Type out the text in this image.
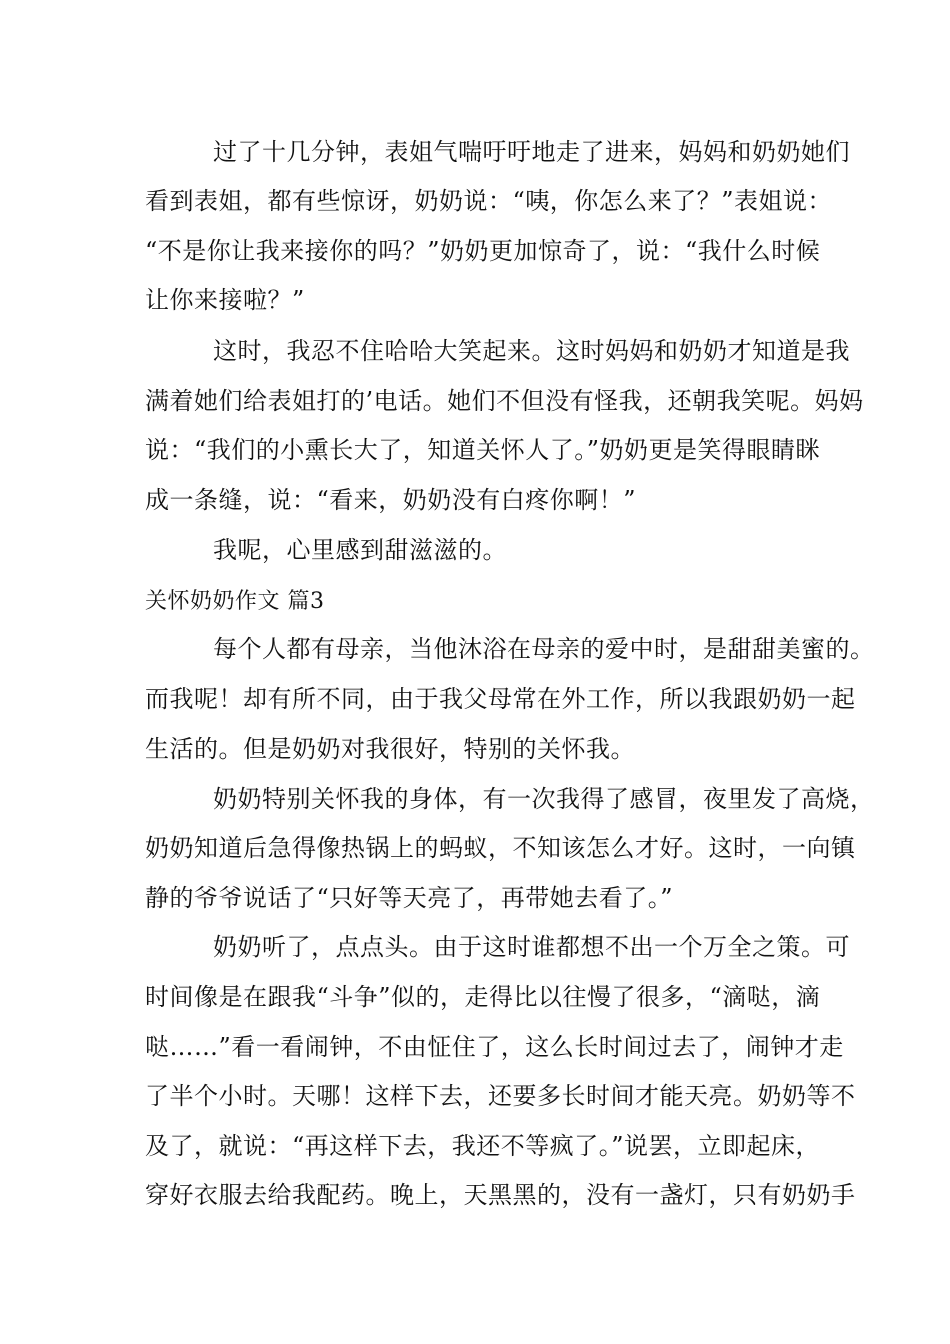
过了十几分钟，表姐气喘吁吁地走了进来，妈妈和奶奶她们
看到表姐，都有些惊讶，奶奶说：“咦，你怎么来了？”表姐说：
“不是你让我来接你的吗？”奶奶更加惊奇了，说：“我什么时候
让你来接啦？”
这时，我忍不住哈哈大笑起来。这时妈妈和奶奶才知道是我
满着她们给表姐打的’电话。她们不但没有怪我，还朝我笑呢。妈妈
说：“我们的小熏长大了，知道关怀人了。”奶奶更是笑得眼睛眯
成一条缝，说：“看来，奶奶没有白疼你啊！”
我呢，心里感到甜滋滋的。
关怀奶奶作文 篇3
每个人都有母亲，当他沐浴在母亲的爱中时，是甜甜美蜜的。
而我呢！却有所不同，由于我父母常在外工作，所以我跟奶奶一起
生活的。但是奶奶对我很好，特别的关怀我。
奶奶特别关怀我的身体，有一次我得了感冒，夜里发了高烧，
奶奶知道后急得像热锅上的蚂蚁，不知该怎么才好。这时，一向镇
静的爷爷说话了“只好等天亮了，再带她去看了。”
奶奶听了，点点头。由于这时谁都想不出一个万全之策。可
时间像是在跟我“斗争”似的，走得比以往慢了很多，“滴哒，滴
哒……”看一看闹钟，不由怔住了，这么长时间过去了，闹钟才走
了半个小时。天哪！这样下去，还要多长时间才能天亮。奶奶等不
及了，就说：“再这样下去，我还不等疯了。”说罢，立即起床，
穿好衣服去给我配药。晚上，天黑黑的，没有一盏灯，只有奶奶手
